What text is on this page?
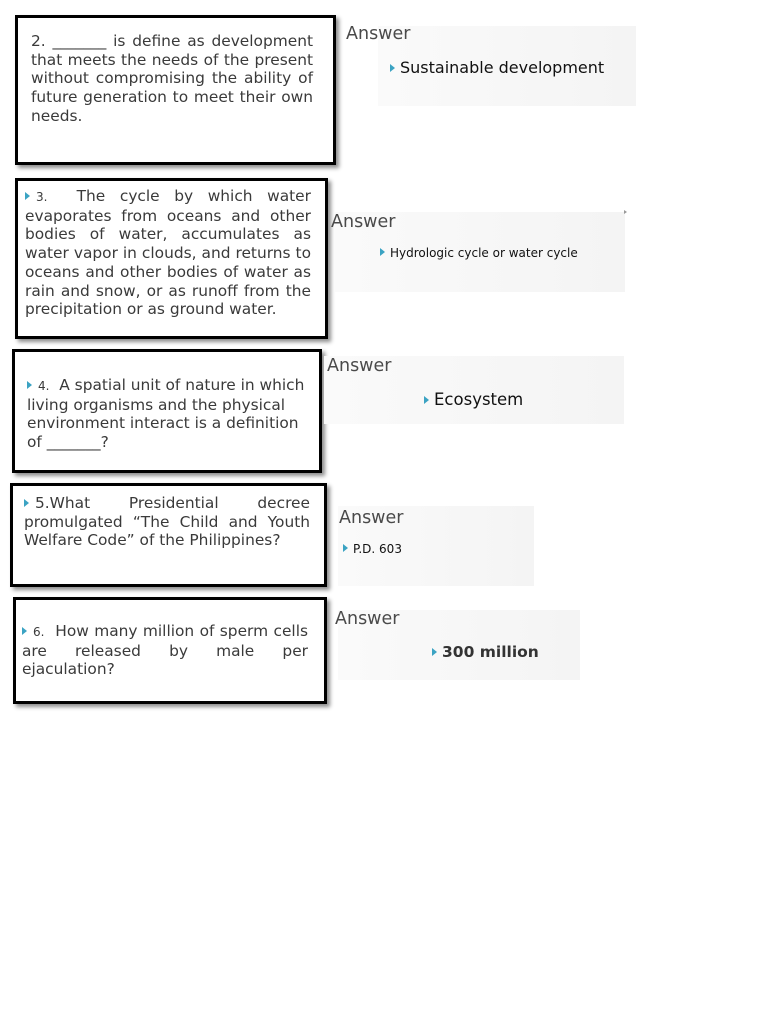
2. _______ is define as development that meets the needs of the present without compromising the ability of future generation to meet their own needs.
Answer
Sustainable development
3. The cycle by which water evaporates from oceans and other bodies of water, accumulates as water vapor in clouds, and returns to oceans and other bodies of water as rain and snow, or as runoff from the precipitation or as ground water.
Answer
Hydrologic cycle or water cycle
4. A spatial unit of nature in which living organisms and the physical environment interact is a definition of _______?
Answer
Ecosystem
5.What Presidential decree promulgated “The Child and Youth Welfare Code” of the Philippines?
Answer
P.D. 603
6. How many million of sperm cells are released by male per ejaculation?
Answer
300 million
